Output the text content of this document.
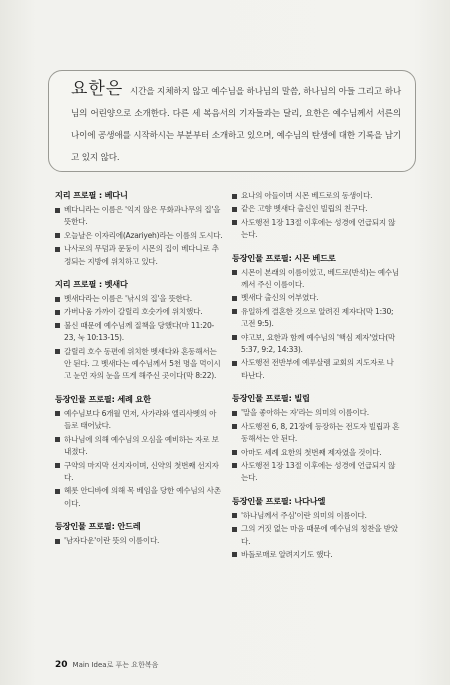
요한은 시간을 지체하지 않고 예수님을 하나님의 말씀, 하나님의 아들 그리고 하나님의 어린양으로 소개한다. 다른 세 복음서의 기자들과는 달리, 요한은 예수님께서 서른의 나이에 공생애를 시작하시는 부분부터 소개하고 있으며, 예수님의 탄생에 대한 기록을 남기고 있지 않다.

지리 프로필 : 베다니
베다니라는 이름은 '익지 않은 무화과나무의 집'을 뜻한다.
오늘날은 이자리에(Azariyeh)라는 이름의 도시다.
나사로의 무덤과 문둥이 시몬의 집이 베다니로 추정되는 지방에 위치하고 있다.
지리 프로필 : 벳새다
벳새다라는 이름은 '낚시의 집'을 뜻한다.
가버나움 가까이 갈릴리 호숫가에 위치했다.
불신 때문에 예수님께 질책을 당했다(마 11:20-23, 눅 10:13-15).
갈릴리 호수 동편에 위치한 벳새다와 혼동해서는 안 된다. 그 벳새다는 예수님께서 5천 명을 먹이시고 눈먼 자의 눈을 뜨게 해주신 곳이다(막 8:22).
등장인물 프로필: 세례 요한
예수님보다 6개월 먼저, 사가랴와 엘리사벳의 아들로 태어났다.
하나님에 의해 예수님의 오심을 예비하는 자로 보내졌다.
구약의 마지막 선지자이며, 신약의 첫번째 선지자다.
헤롯 안디바에 의해 목 베임을 당한 예수님의 사촌이다.
등장인물 프로필: 안드레
'남자다운'이란 뜻의 이름이다.
요나의 아들이며 시몬 베드로의 동생이다.
같은 고향 벳새다 출신인 빌립의 친구다.
사도행전 1장 13절 이후에는 성경에 언급되지 않는다.
등장인물 프로필: 시몬 베드로
시몬이 본래의 이름이었고, 베드로(반석)는 예수님께서 주신 이름이다.
벳새다 출신의 어부였다.
유일하게 결혼한 것으로 알려진 제자다(막 1:30; 고전 9:5).
야고보, 요한과 함께 예수님의 '핵심 제자'였다(막 5:37, 9:2, 14:33).
사도행전 전반부에 예루살렘 교회의 지도자로 나타난다.
등장인물 프로필: 빌립
'말을 좋아하는 자'라는 의미의 이름이다.
사도행전 6, 8, 21장에 등장하는 전도자 빌립과 혼동해서는 안 된다.
아마도 세례 요한의 첫번째 제자였을 것이다.
사도행전 1장 13절 이후에는 성경에 언급되지 않는다.
등장인물 프로필: 나다나엘
'하나님께서 주심'이란 의미의 이름이다.
그의 거짓 없는 마음 때문에 예수님의 칭찬을 받았다.
바돌로매로 알려지기도 했다.
20 Main Idea로 푸는 요한복음
